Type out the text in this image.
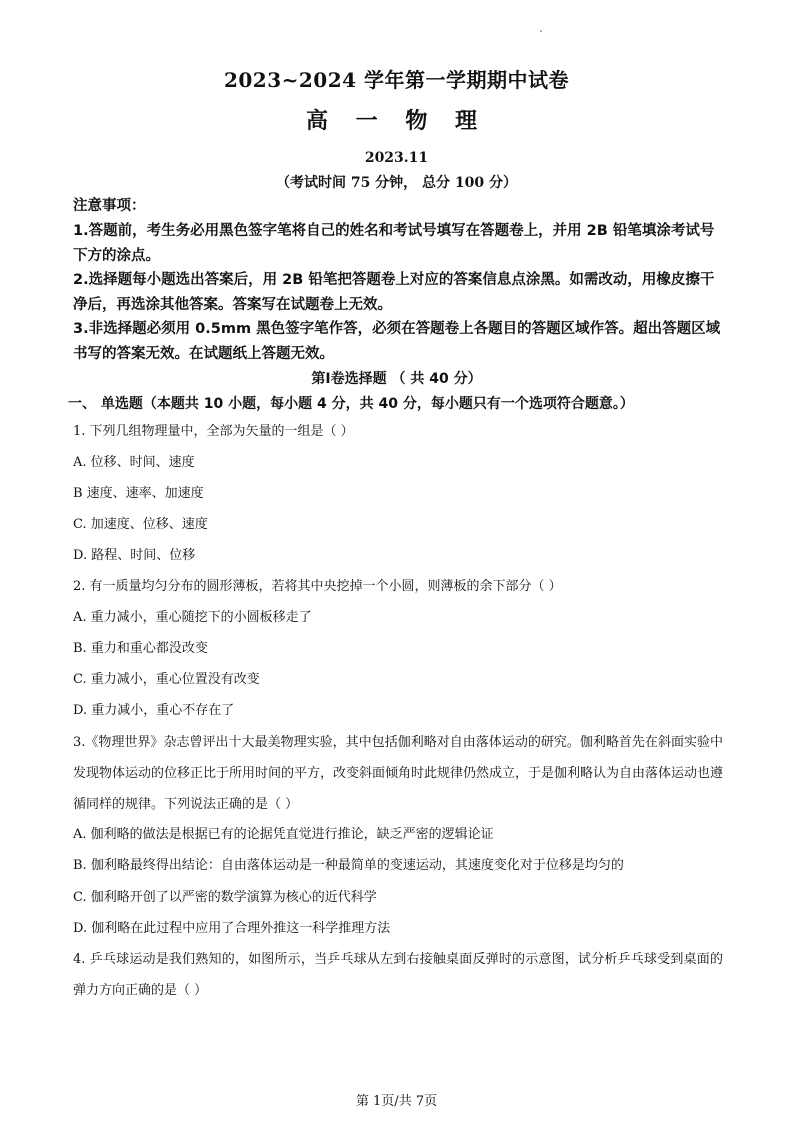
2023~2024 学年第一学期期中试卷
高 一 物 理
2023.11
（考试时间 75 分钟， 总分 100 分）
注意事项：
1.答题前，考生务必用黑色签字笔将自己的姓名和考试号填写在答题卷上，并用 2B 铅笔填涂考试号下方的涂点。
2.选择题每小题选出答案后，用 2B 铅笔把答题卷上对应的答案信息点涂黑。如需改动，用橡皮擦干净后，再选涂其他答案。答案写在试题卷上无效。
3.非选择题必须用 0.5mm 黑色签字笔作答，必须在答题卷上各题目的答题区域作答。超出答题区域书写的答案无效。在试题纸上答题无效。
第Ⅰ卷选择题 （ 共 40 分）
一、 单选题（本题共 10 小题，每小题 4 分，共 40 分，每小题只有一个选项符合题意。）
1. 下列几组物理量中，全部为矢量的一组是（ ）
A. 位移、时间、速度
B 速度、速率、加速度
C. 加速度、位移、速度
D. 路程、时间、位移
2. 有一质量均匀分布的圆形薄板，若将其中央挖掉一个小圆，则薄板的余下部分（ ）
A. 重力减小，重心随挖下的小圆板移走了
B. 重力和重心都没改变
C. 重力减小，重心位置没有改变
D. 重力减小，重心不存在了
3.《物理世界》杂志曾评出十大最美物理实验，其中包括伽利略对自由落体运动的研究。伽利略首先在斜面实验中发现物体运动的位移正比于所用时间的平方，改变斜面倾角时此规律仍然成立，于是伽利略认为自由落体运动也遵循同样的规律。下列说法正确的是（ ）
A. 伽利略的做法是根据已有的论据凭直觉进行推论，缺乏严密的逻辑论证
B. 伽利略最终得出结论：自由落体运动是一种最简单的变速运动，其速度变化对于位移是均匀的
C. 伽利略开创了以严密的数学演算为核心的近代科学
D. 伽利略在此过程中应用了合理外推这一科学推理方法
4. 乒乓球运动是我们熟知的，如图所示，当乒乓球从左到右接触桌面反弹时的示意图，试分析乒乓球受到桌面的弹力方向正确的是（ ）
第 1页/共 7页
